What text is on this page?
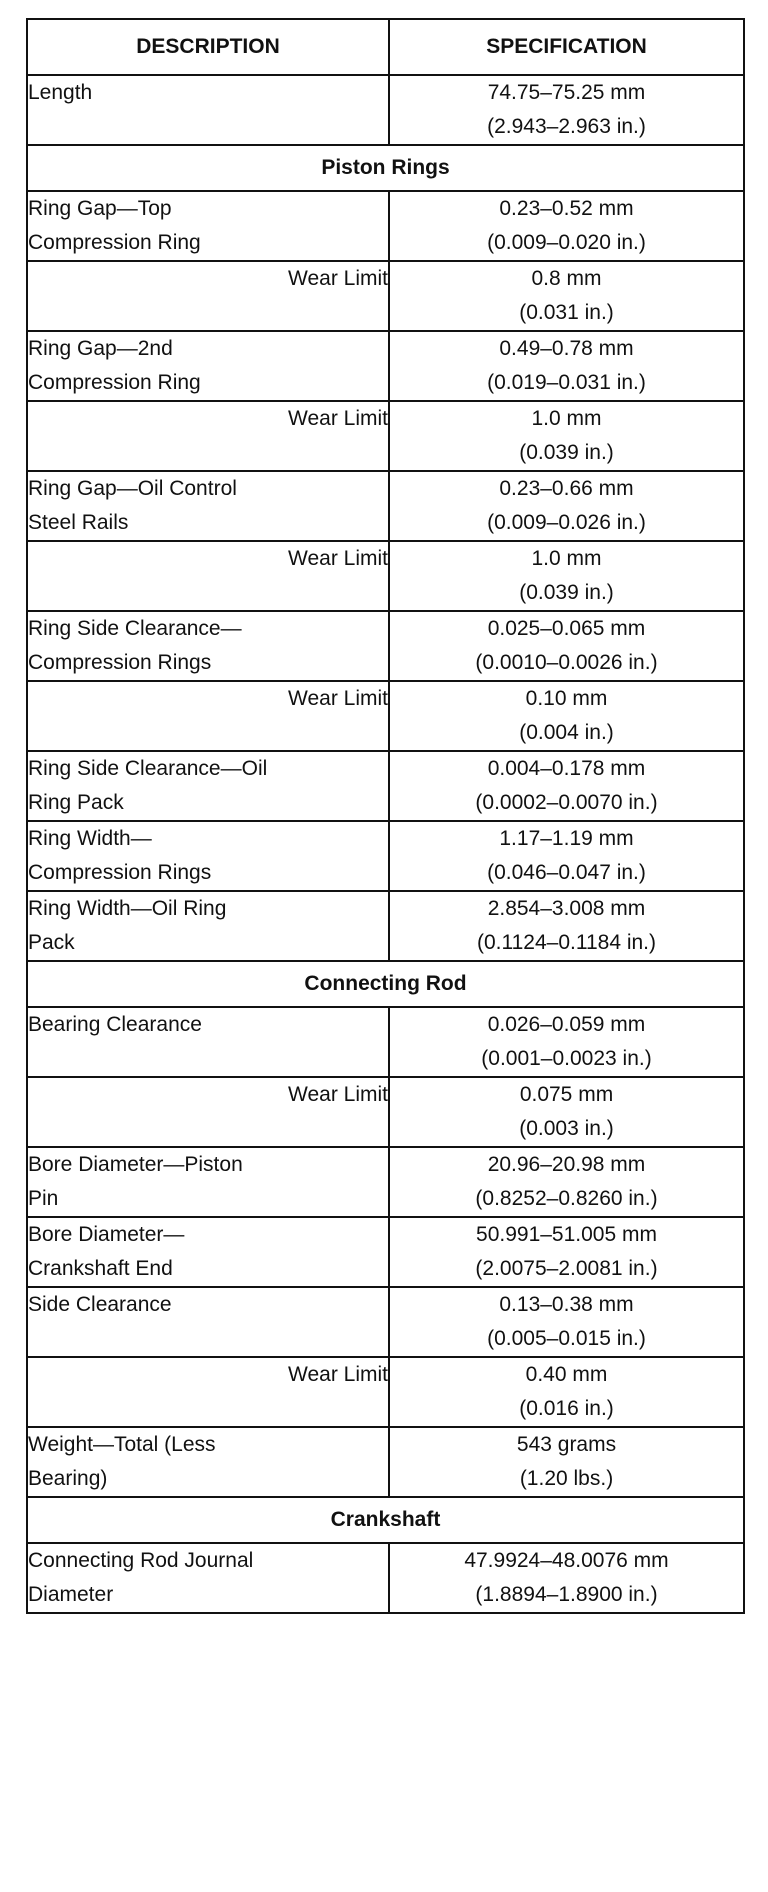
DESCRIPTION	SPECIFICATION

Length	74.75–75.25 mm
(2.943–2.963 in.)

Piston Rings	

Ring Gap—Top
Compression Ring	0.23–0.52 mm
(0.009–0.020 in.)

Wear Limit	0.8 mm
(0.031 in.)

Ring Gap—2nd
Compression Ring	0.49–0.78 mm
(0.019–0.031 in.)

Wear Limit	1.0 mm
(0.039 in.)

Ring Gap—Oil Control
Steel Rails	0.23–0.66 mm
(0.009–0.026 in.)

Wear Limit	1.0 mm
(0.039 in.)

Ring Side Clearance—
Compression Rings	0.025–0.065 mm
(0.0010–0.0026 in.)

Wear Limit	0.10 mm
(0.004 in.)

Ring Side Clearance—Oil
Ring Pack	0.004–0.178 mm
(0.0002–0.0070 in.)

Ring Width—
Compression Rings	1.17–1.19 mm
(0.046–0.047 in.)

Ring Width—Oil Ring
Pack	2.854–3.008 mm
(0.1124–0.1184 in.)

Connecting Rod	

Bearing Clearance	0.026–0.059 mm
(0.001–0.0023 in.)

Wear Limit	0.075 mm
(0.003 in.)

Bore Diameter—Piston
Pin	20.96–20.98 mm
(0.8252–0.8260 in.)

Bore Diameter—
Crankshaft End	50.991–51.005 mm
(2.0075–2.0081 in.)

Side Clearance	0.13–0.38 mm
(0.005–0.015 in.)

Wear Limit	0.40 mm
(0.016 in.)

Weight—Total (Less
Bearing)	543 grams
(1.20 lbs.)

Crankshaft	

Connecting Rod Journal
Diameter	47.9924–48.0076 mm
(1.8894–1.8900 in.)
